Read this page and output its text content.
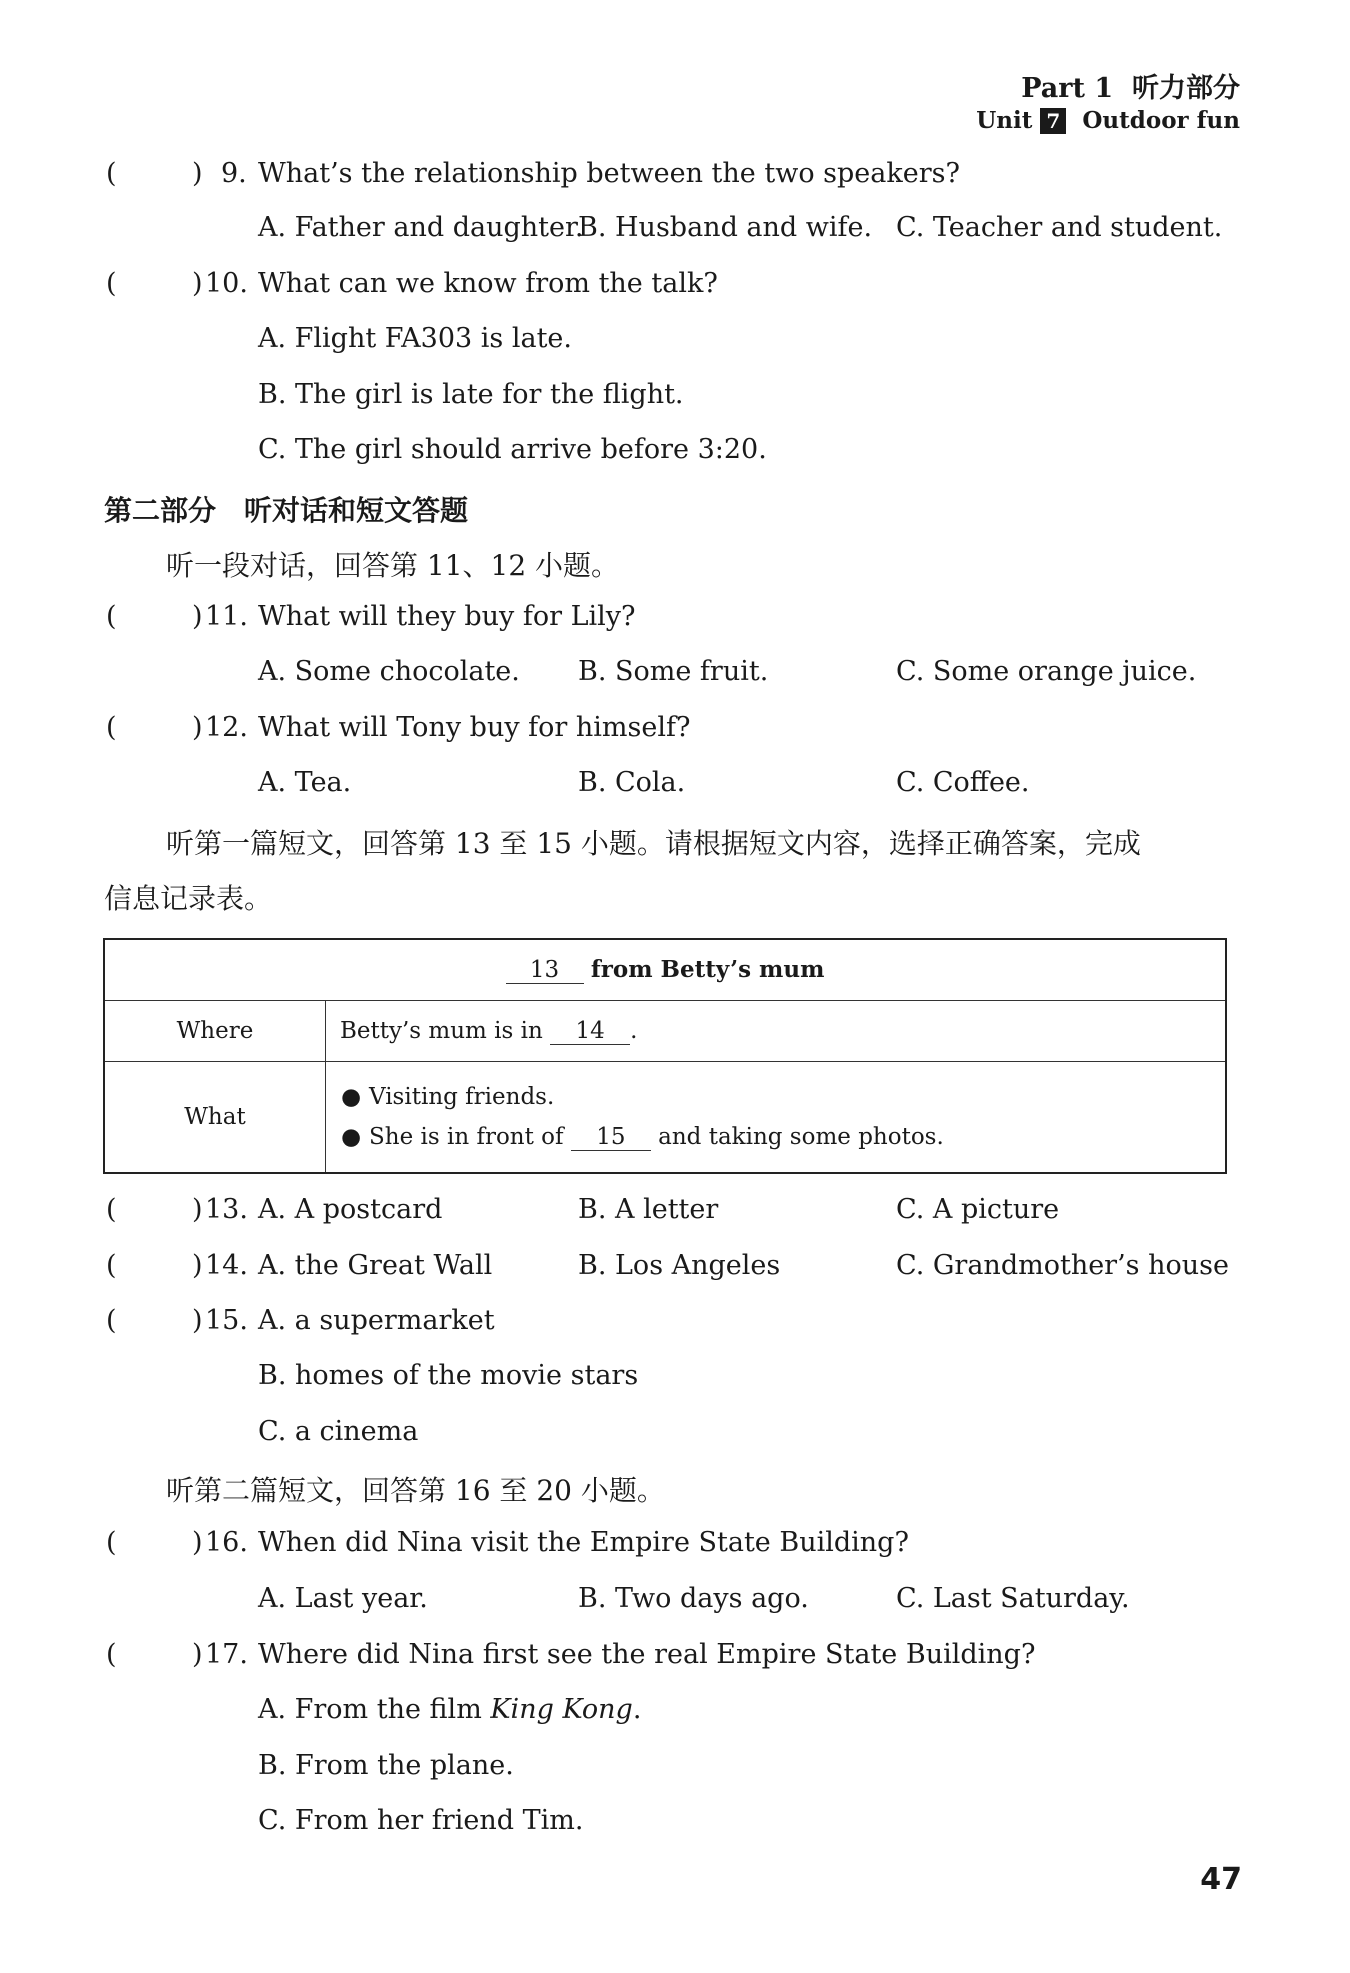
Part 1 听力部分
Unit 7 Outdoor fun
(	) 9. What’s the relationship between the two speakers?
A. Father and daughter.
B. Husband and wife. C. Teacher and student.
(	) 10. What can we know from the talk?
A. Flight FA303 is late.
B. The girl is late for the flight.
C. The girl should arrive before 3:20.
第二部分　听对话和短文答题
听一段对话，回答第 11、12 小题。
(	) 11. What will they buy for Lily?
A. Some chocolate. B. Some fruit.	C. Some orange juice.
(	) 12. What will Tony buy for himself?
A. Tea.	B. Cola.	C. Coffee.
听第一篇短文，回答第 13 至 15 小题。请根据短文内容，选择正确答案，完成
信息记录表。
13 from Betty’s mum	
Where	Betty’s mum is in 14 .
What	● Visiting friends.
● She is in front of 15 and taking some photos.
(	) 13. A. A postcard	B. A letter	C. A picture
(	) 14. A. the Great Wall	B. Los Angeles	C. Grandmother’s house
(	) 15. A. a supermarket
B. homes of the movie stars
C. a cinema
听第二篇短文，回答第 16 至 20 小题。
(	) 16. When did Nina visit the Empire State Building?
A. Last year.	B. Two days ago.	C. Last Saturday.
(	) 17. Where did Nina first see the real Empire State Building?
A. From the film King Kong.
B. From the plane.
C. From her friend Tim.
47
